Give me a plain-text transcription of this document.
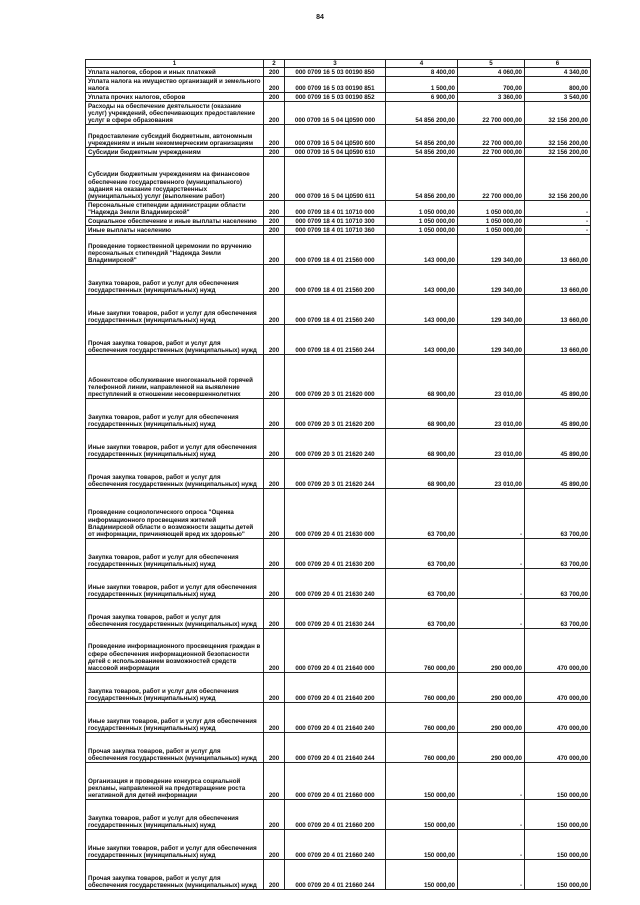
84
1	2	3	4	5	6
Уплата налогов, сборов и иных платежей	200	000 0709 16 5 03 00190 850	8 400,00	4 060,00	4 340,00
Уплата налога на имущество организаций и земельного налога	200	000 0709 16 5 03 00190 851	1 500,00	700,00	800,00
Уплата прочих налогов, сборов	200	000 0709 16 5 03 00190 852	6 900,00	3 360,00	3 540,00
Расходы на обеспечение деятельности (оказание услуг) учреждений, обеспечивающих предоставление услуг в сфере образования	200	000 0709 16 5 04 Ц0590 000	54 856 200,00	22 700 000,00	32 156 200,00
Предоставление субсидий бюджетным, автономным учреждениям и иным некоммерческим организациям	200	000 0709 16 5 04 Ц0590 600	54 856 200,00	22 700 000,00	32 156 200,00
Субсидии бюджетным учреждениям	200	000 0709 16 5 04 Ц0590 610	54 856 200,00	22 700 000,00	32 156 200,00
Субсидии бюджетным учреждениям на финансовое обеспечение государственного (муниципального) задания на оказание государственных (муниципальных) услуг (выполнение работ)	200	000 0709 16 5 04 Ц0590 611	54 856 200,00	22 700 000,00	32 156 200,00
Персональные стипендии администрации области "Надежда Земли Владимирской"	200	000 0709 18 4 01 10710 000	1 050 000,00	1 050 000,00	-
Социальное обеспечение и иные выплаты населению	200	000 0709 18 4 01 10710 300	1 050 000,00	1 050 000,00	-
Иные выплаты населению	200	000 0709 18 4 01 10710 360	1 050 000,00	1 050 000,00	-
Проведение торжественной церемонии по вручению персональных стипендий "Надежда Земли Владимирской"	200	000 0709 18 4 01 21560 000	143 000,00	129 340,00	13 660,00
Закупка товаров, работ и услуг для обеспечения государственных (муниципальных) нужд	200	000 0709 18 4 01 21560 200	143 000,00	129 340,00	13 660,00
Иные закупки товаров, работ и услуг для обеспечения государственных (муниципальных) нужд	200	000 0709 18 4 01 21560 240	143 000,00	129 340,00	13 660,00
Прочая закупка товаров, работ и услуг для обеспечения государственных (муниципальных) нужд	200	000 0709 18 4 01 21560 244	143 000,00	129 340,00	13 660,00
Абонентское обслуживание многоканальной горячей телефонной линии, направленной на выявление преступлений в отношении несовершеннолетних	200	000 0709 20 3 01 21620 000	68 900,00	23 010,00	45 890,00
Закупка товаров, работ и услуг для обеспечения государственных (муниципальных) нужд	200	000 0709 20 3 01 21620 200	68 900,00	23 010,00	45 890,00
Иные закупки товаров, работ и услуг для обеспечения государственных (муниципальных) нужд	200	000 0709 20 3 01 21620 240	68 900,00	23 010,00	45 890,00
Прочая закупка товаров, работ и услуг для обеспечения государственных (муниципальных) нужд	200	000 0709 20 3 01 21620 244	68 900,00	23 010,00	45 890,00
Проведение социологического опроса "Оценка информационного просвещения жителей Владимирской области о возможности защиты детей от информации, причиняющей вред их здоровью"	200	000 0709 20 4 01 21630 000	63 700,00	-	63 700,00
Закупка товаров, работ и услуг для обеспечения государственных (муниципальных) нужд	200	000 0709 20 4 01 21630 200	63 700,00	-	63 700,00
Иные закупки товаров, работ и услуг для обеспечения государственных (муниципальных) нужд	200	000 0709 20 4 01 21630 240	63 700,00	-	63 700,00
Прочая закупка товаров, работ и услуг для обеспечения государственных (муниципальных) нужд	200	000 0709 20 4 01 21630 244	63 700,00	-	63 700,00
Проведение информационного просвещения граждан в сфере обеспечения информационной безопасности детей с использованием возможностей средств массовой информации	200	000 0709 20 4 01 21640 000	760 000,00	290 000,00	470 000,00
Закупка товаров, работ и услуг для обеспечения государственных (муниципальных) нужд	200	000 0709 20 4 01 21640 200	760 000,00	290 000,00	470 000,00
Иные закупки товаров, работ и услуг для обеспечения государственных (муниципальных) нужд	200	000 0709 20 4 01 21640 240	760 000,00	290 000,00	470 000,00
Прочая закупка товаров, работ и услуг для обеспечения государственных (муниципальных) нужд	200	000 0709 20 4 01 21640 244	760 000,00	290 000,00	470 000,00
Организация и проведение конкурса социальной рекламы, направленной на предотвращение роста негативной для детей информации	200	000 0709 20 4 01 21660 000	150 000,00	-	150 000,00
Закупка товаров, работ и услуг для обеспечения государственных (муниципальных) нужд	200	000 0709 20 4 01 21660 200	150 000,00	-	150 000,00
Иные закупки товаров, работ и услуг для обеспечения государственных (муниципальных) нужд	200	000 0709 20 4 01 21660 240	150 000,00	-	150 000,00
Прочая закупка товаров, работ и услуг для обеспечения государственных (муниципальных) нужд	200	000 0709 20 4 01 21660 244	150 000,00	-	150 000,00
